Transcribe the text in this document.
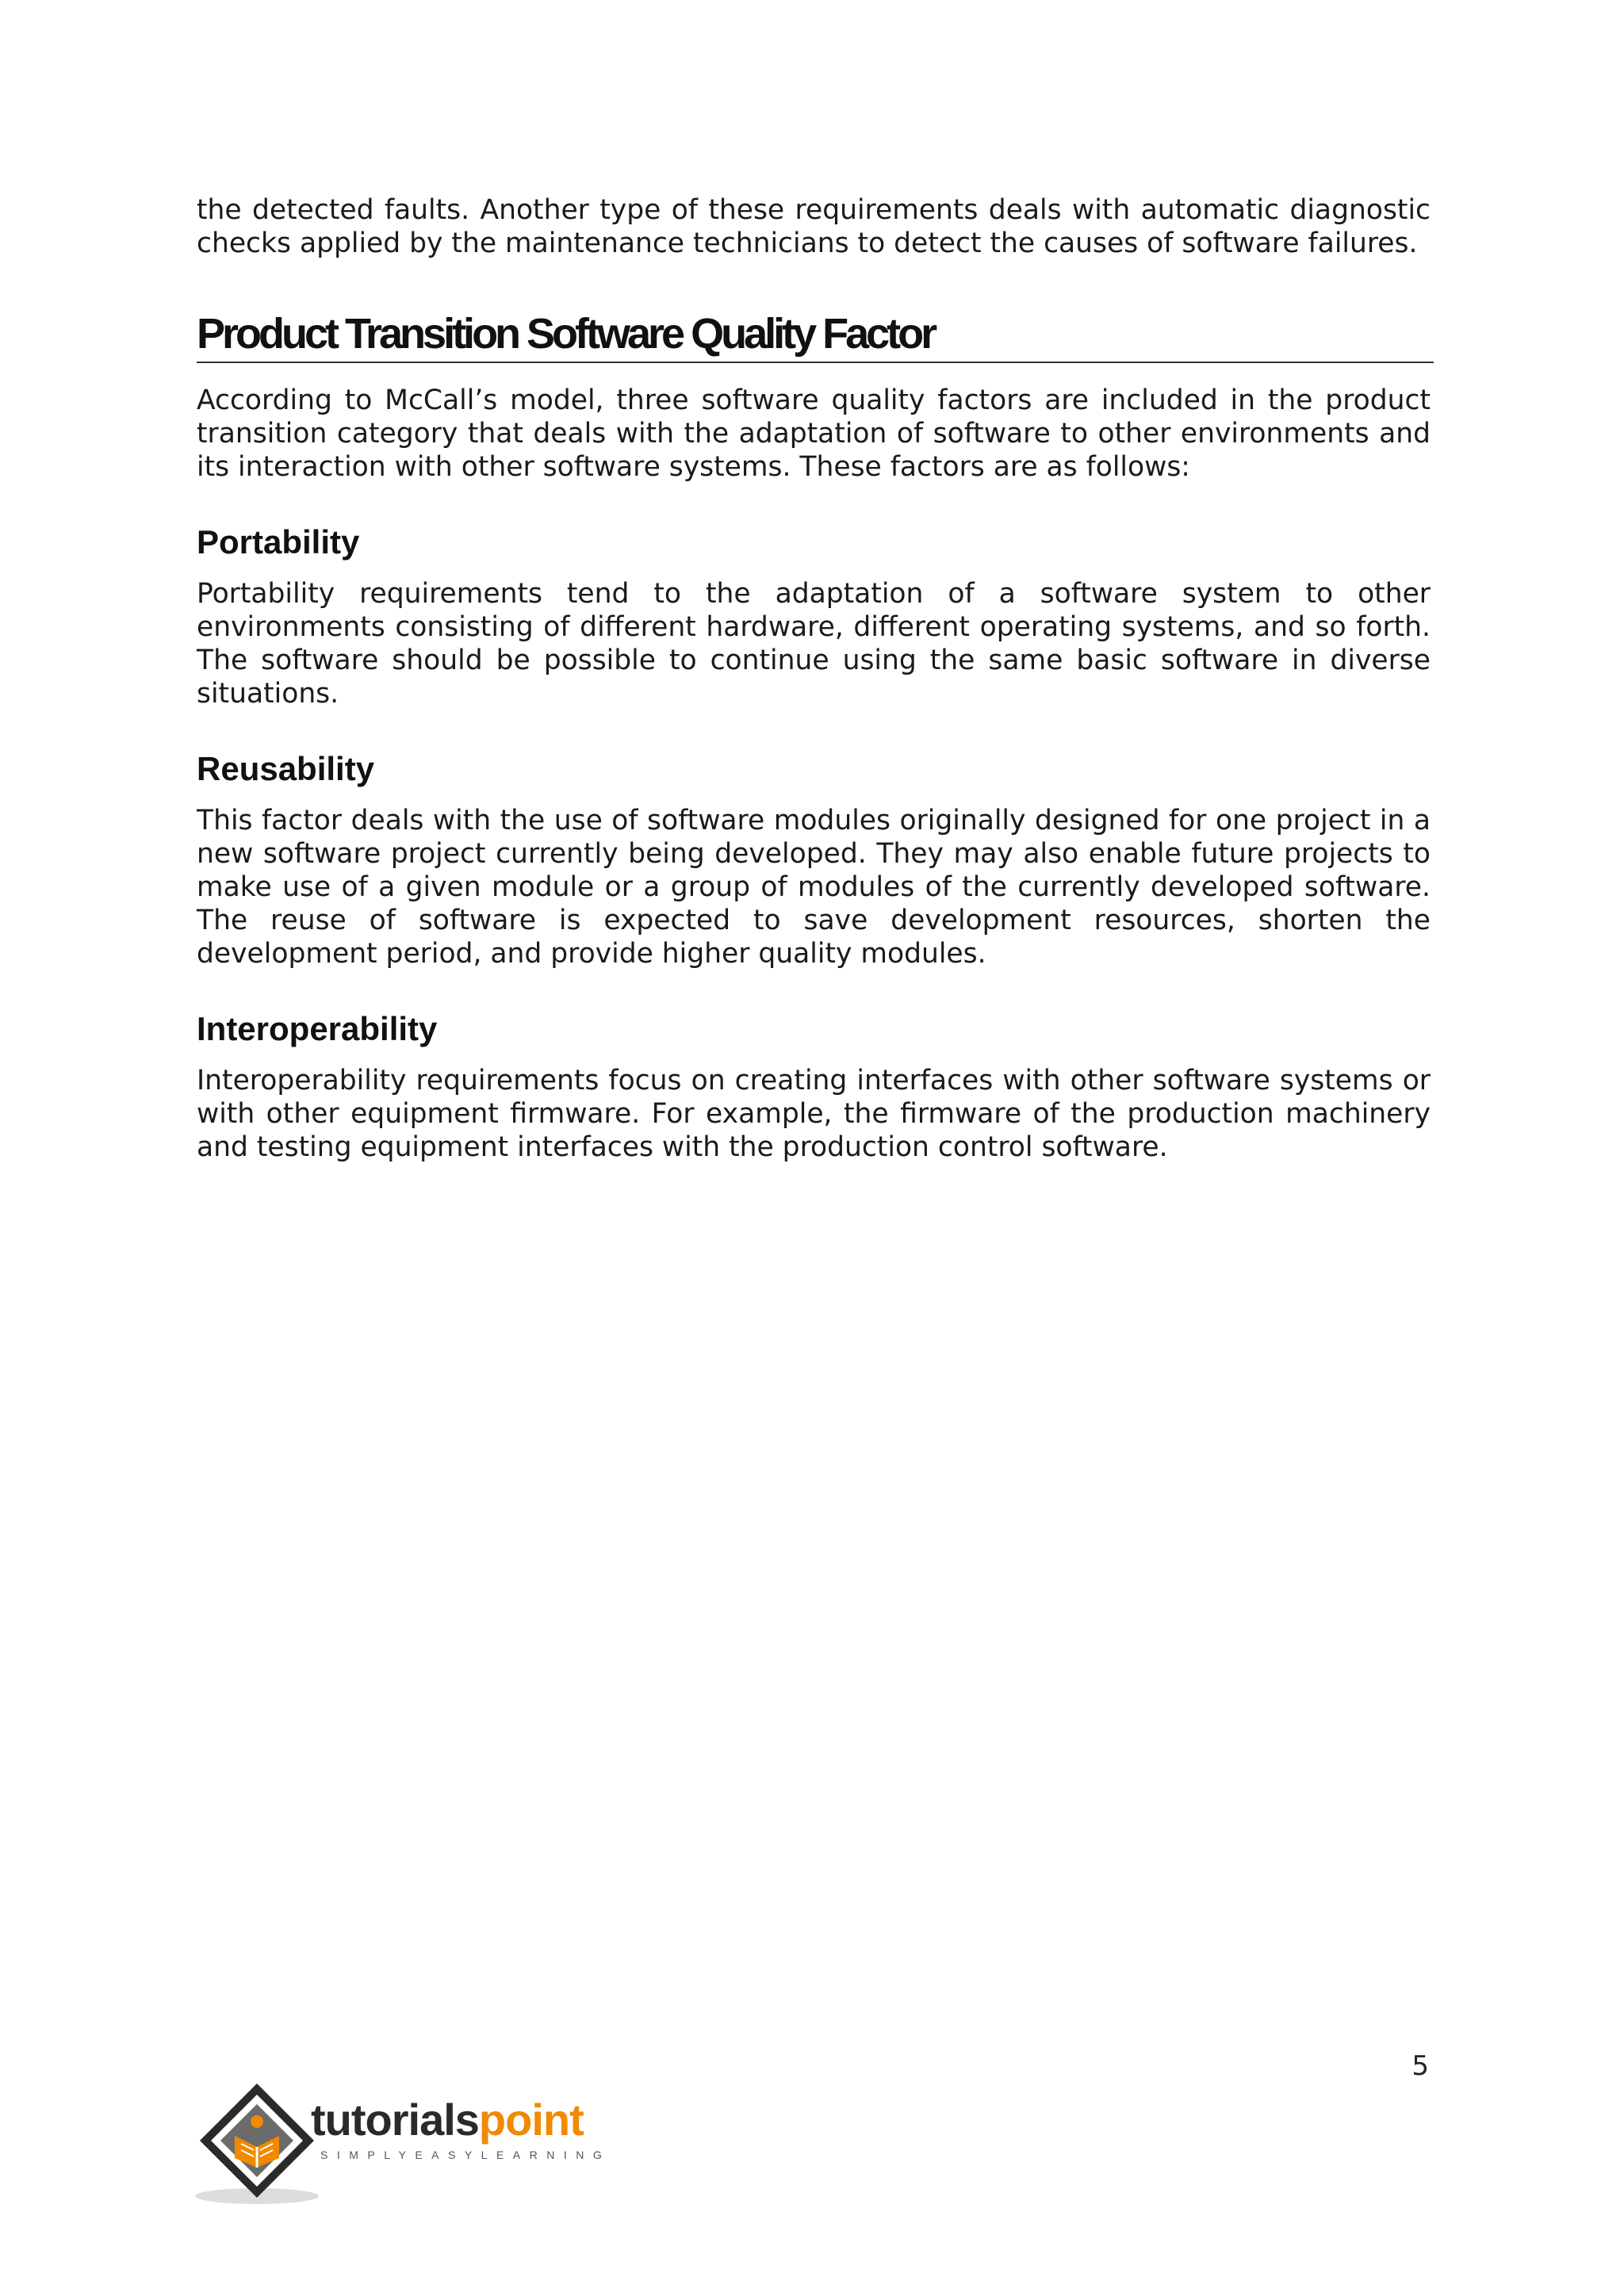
the detected faults. Another type of these requirements deals with automatic diagnostic checks applied by the maintenance technicians to detect the causes of software failures.

Product Transition Software Quality Factor

According to McCall’s model, three software quality factors are included in the product transition category that deals with the adaptation of software to other environments and its interaction with other software systems. These factors are as follows:

Portability

Portability requirements tend to the adaptation of a software system to other environments consisting of different hardware, different operating systems, and so forth. The software should be possible to continue using the same basic software in diverse situations.

Reusability

This factor deals with the use of software modules originally designed for one project in a new software project currently being developed. They may also enable future projects to make use of a given module or a group of modules of the currently developed software. The reuse of software is expected to save development resources, shorten the development period, and provide higher quality modules.

Interoperability

Interoperability requirements focus on creating interfaces with other software systems or with other equipment firmware. For example, the firmware of the production machinery and testing equipment interfaces with the production control software.

5
tutorialspoint
SIMPLYEASYLEARNING
